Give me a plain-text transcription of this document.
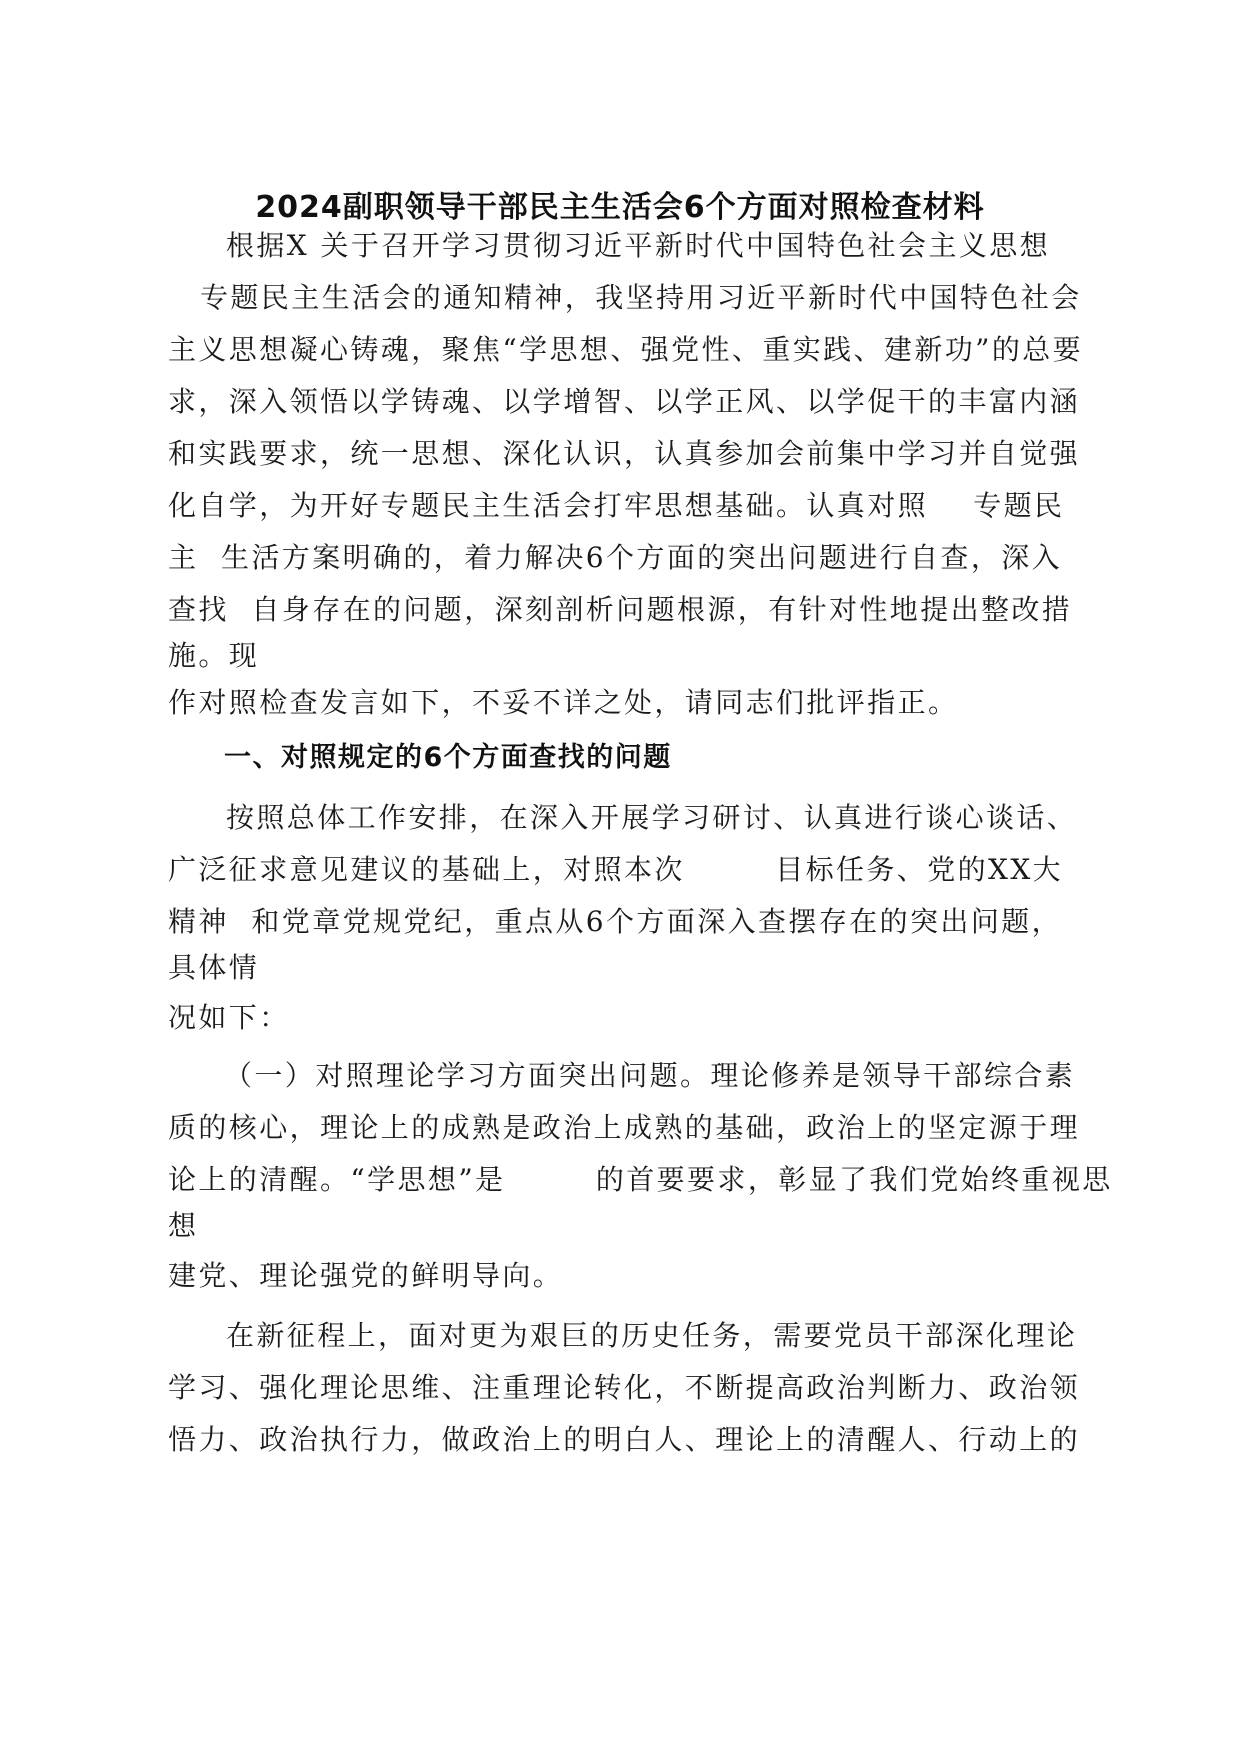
2024副职领导干部民主生活会6个方面对照检查材料
根据X 关于召开学习贯彻习近平新时代中国特色社会主义思想
专题民主生活会的通知精神，我坚持用习近平新时代中国特色社会
主义思想凝心铸魂，聚焦“学思想、强党性、重实践、建新功”的总要
求，深入领悟以学铸魂、以学增智、以学正风、以学促干的丰富内涵
和实践要求，统一思想、深化认识，认真参加会前集中学习并自觉强
化自学，为开好专题民主生活会打牢思想基础。认真对照    专题民
主  生活方案明确的，着力解决6个方面的突出问题进行自查，深入
查找  自身存在的问题，深刻剖析问题根源，有针对性地提出整改措
施。现
作对照检查发言如下，不妥不详之处，请同志们批评指正。
一、对照规定的6个方面查找的问题
按照总体工作安排，在深入开展学习研讨、认真进行谈心谈话、
广泛征求意见建议的基础上，对照本次        目标任务、党的XX大
精神  和党章党规党纪，重点从6个方面深入查摆存在的突出问题，
具体情
况如下：
（一）对照理论学习方面突出问题。理论修养是领导干部综合素
质的核心，理论上的成熟是政治上成熟的基础，政治上的坚定源于理
论上的清醒。“学思想”是        的首要要求，彰显了我们党始终重视思
想
建党、理论强党的鲜明导向。
在新征程上，面对更为艰巨的历史任务，需要党员干部深化理论
学习、强化理论思维、注重理论转化，不断提高政治判断力、政治领
悟力、政治执行力，做政治上的明白人、理论上的清醒人、行动上的
